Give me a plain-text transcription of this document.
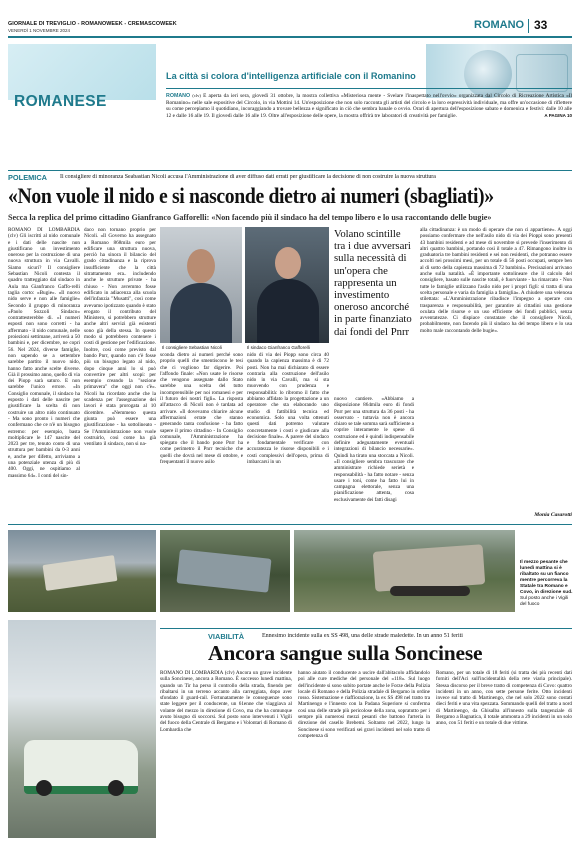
GIORNALE DI TREVIGLIO - ROMANOWEEK - CREMASCOWEEK
VENERDÌ 1 NOVEMBRE 2024	ROMANO 33
ROMANESE
La città si colora d'intelligenza artificiale con il Romanino
ROMANO (clv) È aperta da ieri sera, giovedì 31 ottobre, la mostra collettiva «Misteriosa mente - Svelare l'inaspettato nell'ovvio» organizzata dal Circolo di Ricreazione Artistica «Il Romanino» nelle sale espositive del Circolo, in via Mottini 14. Un'esposizione che non solo racconta gli artisti del circolo e la loro espressività individuale, ma offre un'occasione di riflettere su come percepiamo il quotidiano, incoraggiando a trovare bellezza e significato in ciò che sembra banale o ovvio. Orari di apertura dell'esposizione sabato e domenica e festivi: dalle 10 alle 12 e dalle 16 alle 19. Il giovedì dalle 16 alle 19. Oltre all'esposizione delle opere, la mostra offrirà tre laboratori di creatività per famiglie.	A PAGINA 10
POLEMICA Il consigliere di minoranza Seabastian Nicoli accusa l'Amministrazione di aver diffuso dati errati per giustificare la decisione di non costruire la nuova struttura
«Non vuole il nido e si nasconde dietro ai numeri (sbagliati)»
Secca la replica del primo cittadino Gianfranco Gafforelli: «Non facendo più il sindaco ha del tempo libero e lo usa raccontando delle bugie»
ROMANO DI LOMBARDIA (clv) Gli iscritti al nido comunale e i dati delle nascite non giustificano un investimento oneroso per la costruzione di una nuova struttura in via Cavalli. Siamo sicuri? Il consigliere Sebastian Nicoli contesta il quadro tratteggiato dal sindaco in Aula ma Gianfranco Gaffo-relli taglia corto: «Bugie». «Il nuovo nido serve e non alle famiglie» Secondo il gruppo di minoranza «Paolo Sozzoli Sindaco» contrattesterebbe di. «I numeri esposti non sono corretti - ha affermato - il nido comunale, nelle proiezioni settimane, arriverà a 50 bambini e, per dicembre, ne copri 56. Nel 2024, diverse famiglie, non sapendo se a settembre sarebbe partito il nuovo nido, hanno fatto anche scelte diverse. Già il prossimo anno, quello di via dei Piopp sarà saturo. E non sarebbe l'unico errore. «In Consiglio comunale, il sindaco ha esposto i dati delle nascite per giustificare la scelta di non costruire un altro nido continuato - Ma sono pronto i numeri che confermano che ce n'è un bisogno estremo: per esempio, basta moltiplicare le 147 nascite del 2023 per tre, tenuto conto di una struttura per bambini da 0-3 anni e, anche per difetto, arriviamo a una potenziale utenza di più di 400. Oggi, ne ospitiamo al massimo 64». I conti del sin-
daco non tornano proprio per Nicoli. «Il Governo ha assegnato a Romano 868mila euro per edificare una struttura nuova, perciò ha sinora il bilancio del grado cittadinanza e la riprova insufficiente che la città sitrattamento era.. includendo anche le strutture private - ha chiuso - Non avremmo fosse edificato in adiacenza alla scuola dell'infanzia "Musatti", così come avevamo ipotizzato quando è stato erogato il contributo del Ministero, si potrebbero strutture anche altri servizi già esistenti sono già della stessa. In questo modo si potrebbero contenere i costi di gestione per l'edificazione. Inoltre, così come previsto dal bando Pnrr, quando non c'è fosse più un bisogno legato al nido, dopo cinque anni lo si può convertire per altri scopi: per esempio creando la "sezione primavera" che oggi non c'è». Nicoli ha ricordato anche che la scadenza per l'assegnazione dei lavori è stata prorogata al 10 dicembre. «Nemmeno questa giunta può essere una giustificazione - ha sottolineato - Se l'Amministrazione non vuole costruirlo, così come ha già ventilato il sindaco, non si na-
Il consigliere Sebastian Nicoli	Il sindaco Gianfranco Gafforelli
sconda dietro ai numeri perché sono proprio quelli che smentiscono le tesi che ci vogliono far digerire. Poi l'affondo finale: «Non usate le risorse che vengono assegnate dallo Stato sarebbe una scelta del tutto incomprensibile per noi romanesi e per il futuro dei nostri figli». La risposta all'attacco di Nicoli non è tardata ad arrivare. «Il dovevamo chiarire alcune affermazioni errate che stanno generando tanta confusione - ha fatto sapere il primo cittadino - In Consiglio comunale, l'Amministrazione ha spiegato che il bando pone Pnrr ha come perimetro il Pnrr tecniche che quelli che dovrà nel mese di ottobre, e frequentanti il nuovo asilo
nido di via dei Piopp sono circa 40 quando la capienza massima è di 72 posti. Non ha mai dichiarato di essere contraria alla costruzione dell'asilo nido in via Cavalli, ma si sta muovendo con prudenza e responsabilità: lo ribromo il fatto che abbiamo affidato la progettazione a un operatore che sta elaborando uno studio di fattibilità tecnica ed economica. Solo una volta ottenuti questi dati potremo valutare concretamente i costi e giudicare alla decisione finale». A parere del sindaco e fondamentale verificare con accuratezza le risorse disponibili e i costi complessivi dell'opera, prima di imbarcarsi in un
Volano scintille tra i due avversari sulla necessità di un'opera che rappresenta un investimento oneroso ancorché in parte finanziato dai fondi del Pnrr
nuovo cantiere. «Abbiamo a disposizione 864mila euro di fondi Pnrr per una struttura da 36 posti - ha osservato - tuttavia non è ancora chiaro se tale somma sarà sufficiente a coprire interamente le spese di costruzione ed è quindi indispensabile definire adeguatamente eventuali integrazioni di bilancio necessarie». Quindi ha tirato una stoccata a Nicoli. «Il consigliere sembra trascurare che amministrare richiede serietà e responsabilità - ha fatto notare - senza usare i toni, come ha fatto lui in campagna elettorale, senza una pianificazione attenta, cosa esclusivamente dei fatti disagi
alla cittadinanza: è un modo di operare che non ci appartiene». A oggi possiamo confermare che nell'asilo nido di via dei Pioppi sono presenti 43 bambini residenti e ad mese di novembre si prevede l'inserimento di altri quattro bambini, portando così il totale a 47. Rimangono inoltre in graduatoria tre bambini residenti e sei non residenti, che potranno essere accolti nei prossimi mesi, per un totale di 56 posti occupati, sempre ben al di sotto della capienza massima di 72 bambini». Precisazioni arrivano anche sulla natalità. «È importante sottolineare che il calcolo del consigliere, basato sulle nascite totali, è fuorviante - ha rimarcato - Non tutte le famiglie utilizzano l'asilo nido per i propri figli: si tratta di una scelta personale e varia da famiglia a famiglia». A chiudere una velenosa stilettata: «L'Amministrazione ribadisce l'impegno a operare con trasparenza e responsabilità, per garantire ai cittadini una gestione oculata delle risorse e un uso efficiente dei fondi pubblici, senza avventatezze. Ci dispiace constatare che il consigliere Nicoli, probabilmente, non facendo più il sindaco ha del tempo libero e lo usa molto male raccontando delle bugie».
Monia Casarotti
Il mezzo pesante che lunedì mattina si è ribaltato su un fianco mentre percorreva la Statale tra Romano e Covo, in direzione sud. Sul posto anche i Vigili del fuoco
VIABILITÀ	Ennesimo incidente sulla ex SS 498, una delle strade maledette. In un anno 51 feriti
Ancora sangue sulla Soncinese
ROMANO DI LOMBARDIA (clv) Ancora un grave incidente sulla Soncinese, ancora a Romano. È successo lunedì mattina, quando un Tir ha perso il controllo della strada, finendo per ribaltarsi in un terreno accanto alla carreggiata, dopo aver sfondato il guard-rail. Fortunatamente le conseguenze sono state leggere per il conducente, un 61enne che viaggiava al volante del mezzo in direzione di Covo, ma che ha comunque avuto bisogno di soccorsi. Sul posto sono intervenuti i Vigili del fuoco della Centrale di Bergamo e i Volontari di Romano di Lombardia che
hanno aiutato il conducente a uscire dall'abitacolo affidandolo poi alle cure mediche del personale del «118». Sul luogo dell'incidente si sono subito portate anche le Forze della Polizia locale di Romano e della Polizia stradale di Bergamo in ordine rosso. Sistemazione e riaffiorazione, la ex SS 498 nel tratto tra Martinengo e l'innesto con la Padana Superiore si conferma così una delle strade più pericolose della zona, sopratutto per i sempre più numerosi mezzi pesanti che battono l'arteria in direzione del casello Brebemi. Soltanto nel 2022, lungo la Soncinese si sono verificati sei gravi incidenti nel solo tratto di competenza di
Romano, per un totale di 18 feriti (si tratta dei più recenti dati forniti dell'Aci sull'incidentalità della rete viaria principale). Stessa discorso per il breve tratto di competenza di Covo: quattro incidenti in un anno, con sette persone ferite. Otto incidenti invece sul tratto di Martinengo, che nel solo 2022 sono costati dieci feriti e una vita spezzata. Sommando quelli del tratto a nord di Martinengo, da Ghisalba all'innesto sulla tangenziale di Bergamo a Bagnatica, il totale ammonta a 29 incidenti in un solo anno, con 51 feriti e un totale di due vittime.
